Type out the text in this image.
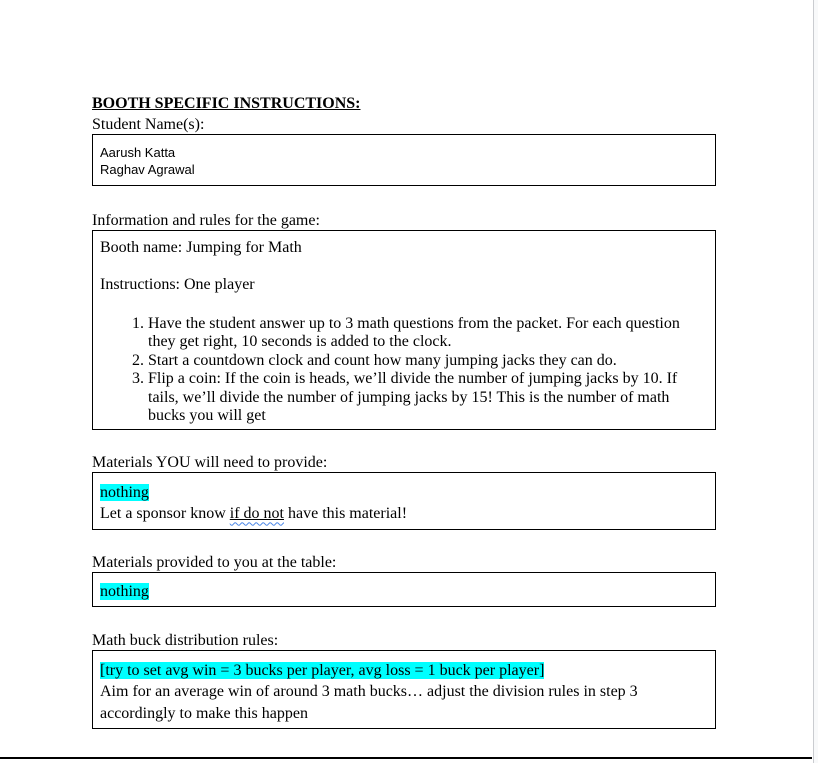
BOOTH SPECIFIC INSTRUCTIONS:
Student Name(s):
Aarush Katta
Raghav Agrawal
Information and rules for the game:
Booth name: Jumping for Math
Instructions: One player
1. Have the student answer up to 3 math questions from the packet. For each question they get right, 10 seconds is added to the clock.
2. Start a countdown clock and count how many jumping jacks they can do.
3. Flip a coin: If the coin is heads, we’ll divide the number of jumping jacks by 10. If tails, we’ll divide the number of jumping jacks by 15! This is the number of math bucks you will get
Materials YOU will need to provide:
nothing
Let a sponsor know if do not have this material!
Materials provided to you at the table:
nothing
Math buck distribution rules:
[try to set avg win = 3 bucks per player, avg loss = 1 buck per player]
Aim for an average win of around 3 math bucks… adjust the division rules in step 3 accordingly to make this happen
